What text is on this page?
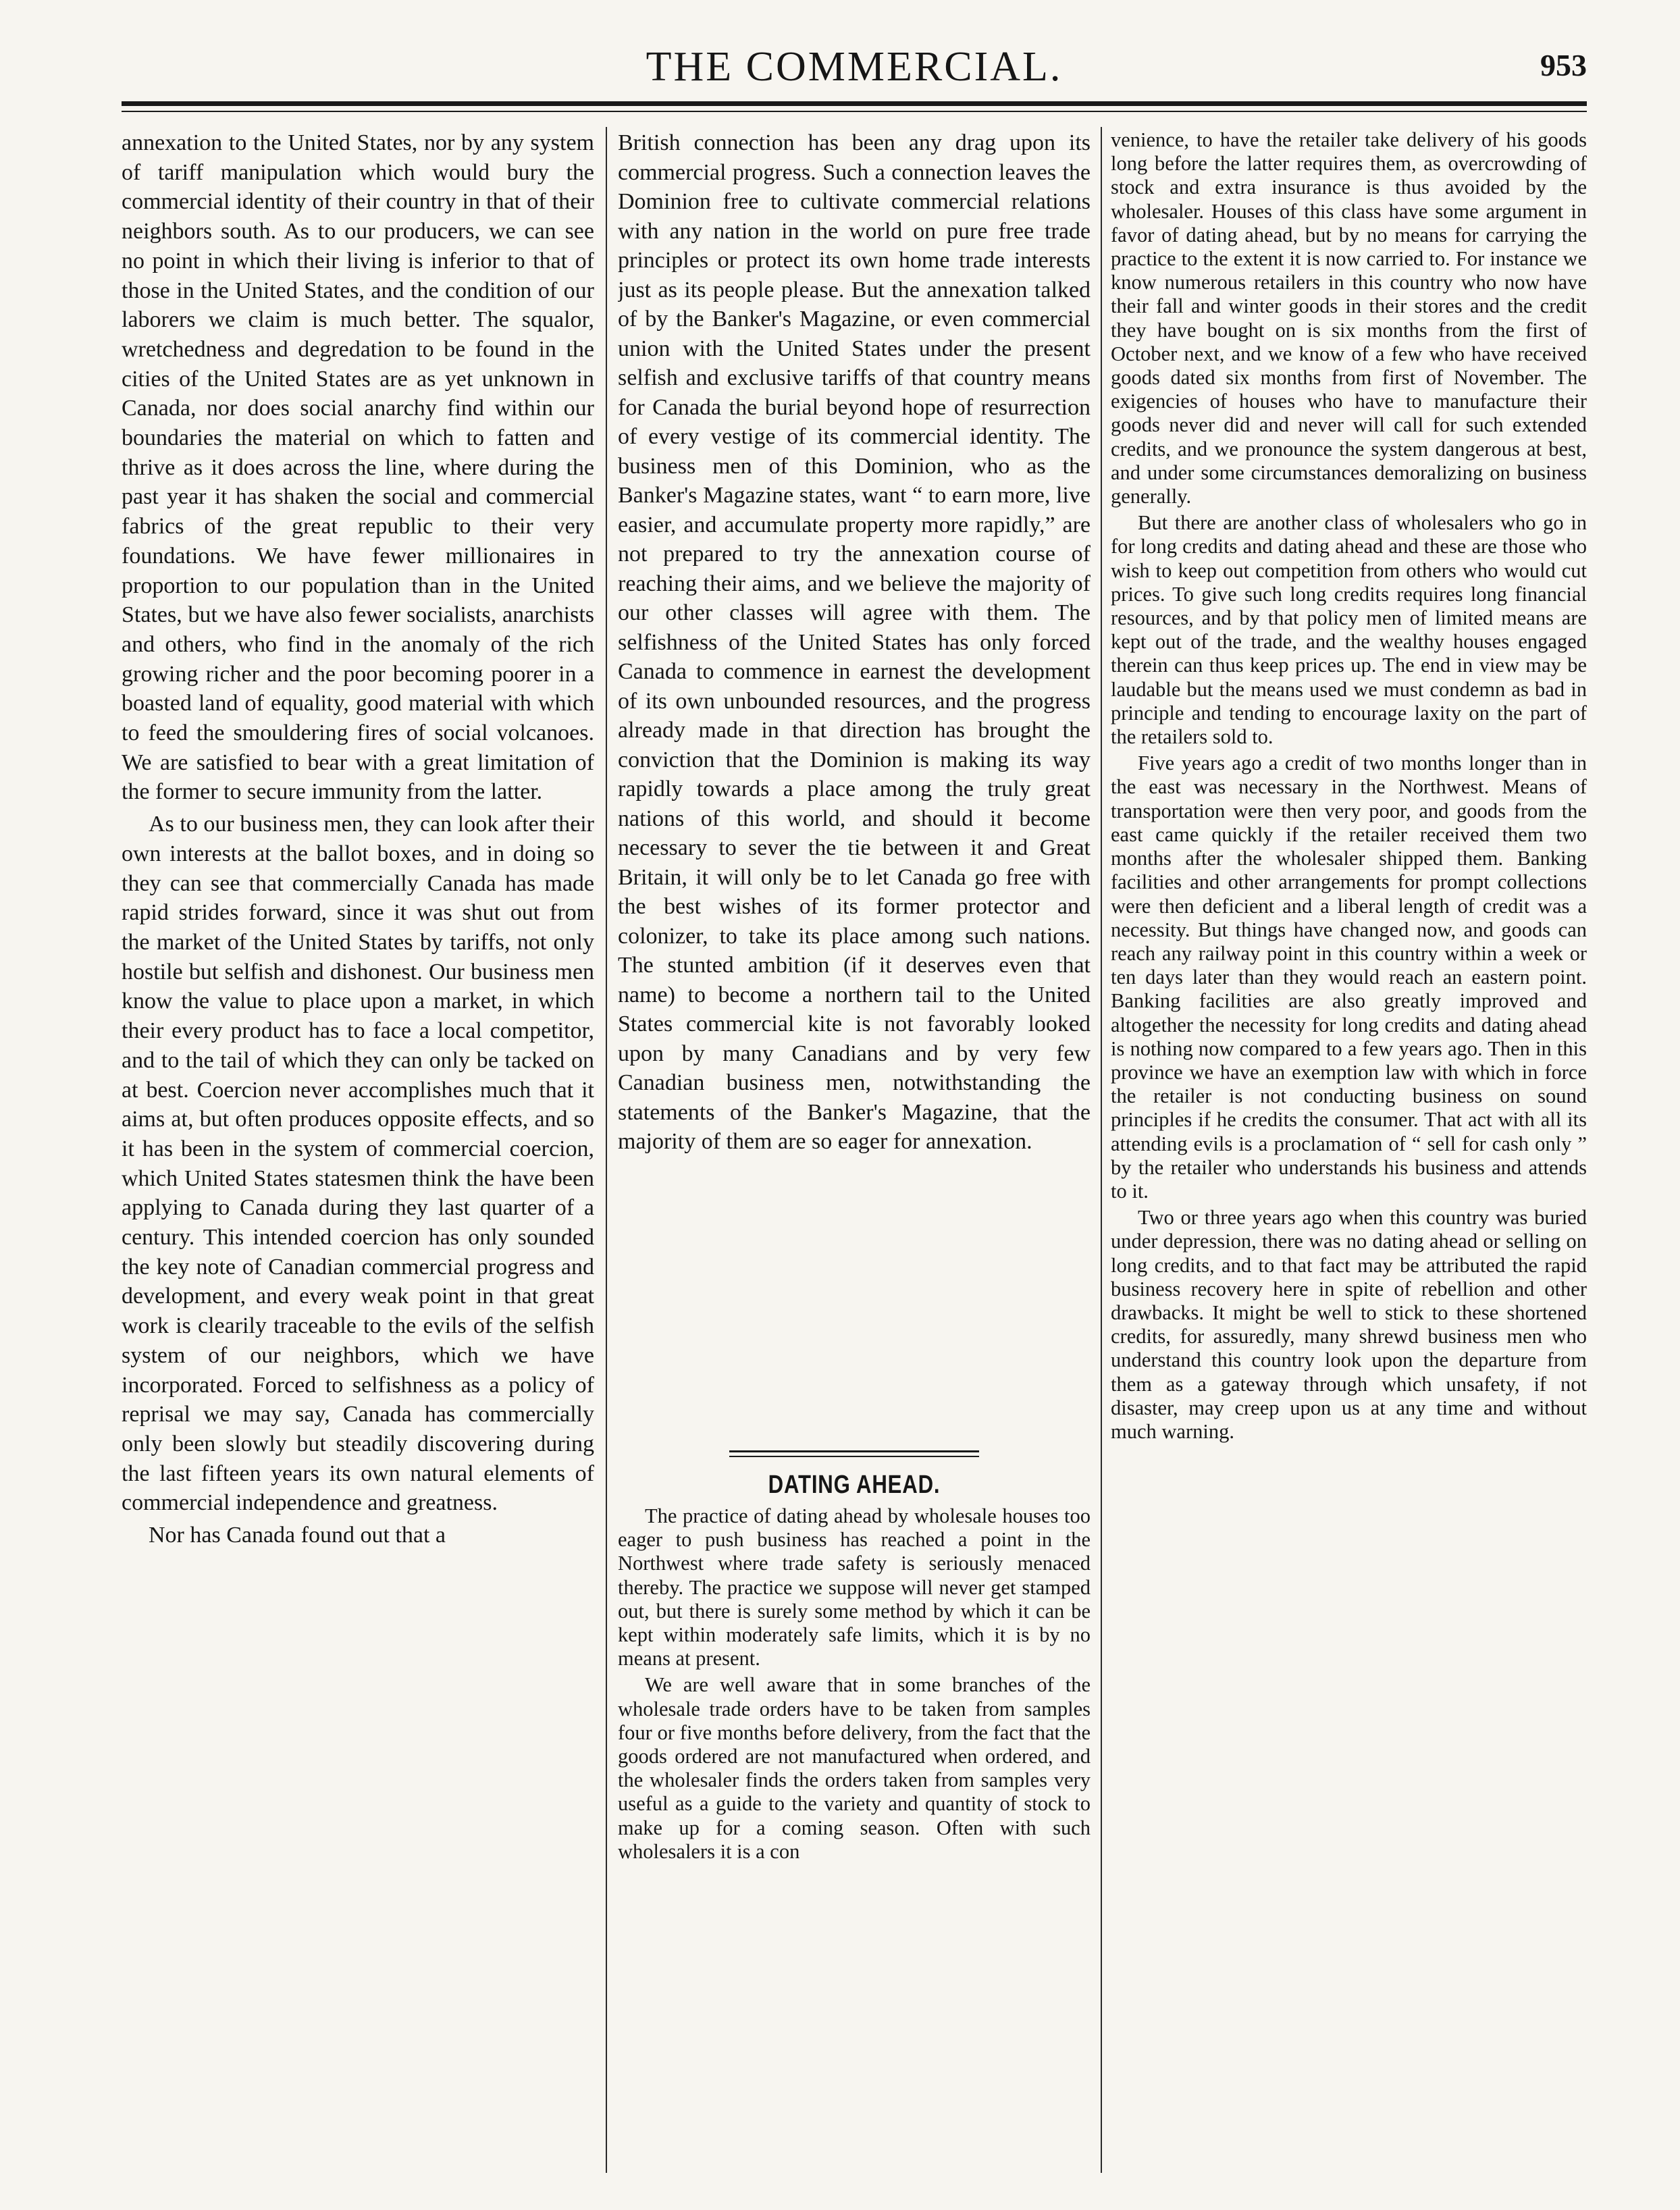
THE COMMERCIAL.	953

annexation to the United States, nor by any system of tariff manipulation which would bury the commercial identity of their country in that of their neighbors south. As to our producers, we can see no point in which their living is inferior to that of those in the United States, and the condition of our laborers we claim is much better. The squalor, wretchedness and degredation to be found in the cities of the United States are as yet unknown in Canada, nor does social anarchy find within our boundaries the material on which to fatten and thrive as it does across the line, where during the past year it has shaken the social and commercial fabrics of the great republic to their very foundations. We have fewer millionaires in proportion to our population than in the United States, but we have also fewer socialists, anarchists and others, who find in the anomaly of the rich growing richer and the poor becoming poorer in a boasted land of equality, good material with which to feed the smouldering fires of social volcanoes. We are satisfied to bear with a great limitation of the former to secure immunity from the latter.

As to our business men, they can look after their own interests at the ballot boxes, and in doing so they can see that commercially Canada has made rapid strides forward, since it was shut out from the market of the United States by tariffs, not only hostile but selfish and dishonest. Our business men know the value to place upon a market, in which their every product has to face a local competitor, and to the tail of which they can only be tacked on at best. Coercion never accomplishes much that it aims at, but often produces opposite effects, and so it has been in the system of commercial coercion, which United States statesmen think the have been applying to Canada during they last quarter of a century. This intended coercion has only sounded the key note of Canadian commercial progress and development, and every weak point in that great work is clearily traceable to the evils of the selfish system of our neighbors, which we have incorporated. Forced to selfishness as a policy of reprisal we may say, Canada has commercially only been slowly but steadily discovering during the last fifteen years its own natural elements of commercial independence and greatness.

Nor has Canada found out that a

British connection has been any drag upon its commercial progress. Such a connection leaves the Dominion free to cultivate commercial relations with any nation in the world on pure free trade principles or protect its own home trade interests just as its people please. But the annexation talked of by the Banker's Magazine, or even commercial union with the United States under the present selfish and exclusive tariffs of that country means for Canada the burial beyond hope of resurrection of every vestige of its commercial identity. The business men of this Dominion, who as the Banker's Magazine states, want “ to earn more, live easier, and accumulate property more rapidly,” are not prepared to try the annexation course of reaching their aims, and we believe the majority of our other classes will agree with them. The selfishness of the United States has only forced Canada to commence in earnest the development of its own unbounded resources, and the progress already made in that direction has brought the conviction that the Dominion is making its way rapidly towards a place among the truly great nations of this world, and should it become necessary to sever the tie between it and Great Britain, it will only be to let Canada go free with the best wishes of its former protector and colonizer, to take its place among such nations. The stunted ambition (if it deserves even that name) to become a northern tail to the United States commercial kite is not favorably looked upon by many Canadians and by very few Canadian business men, notwithstanding the statements of the Banker's Magazine, that the majority of them are so eager for annexation.

DATING AHEAD.

The practice of dating ahead by wholesale houses too eager to push business has reached a point in the Northwest where trade safety is seriously menaced thereby. The practice we suppose will never get stamped out, but there is surely some method by which it can be kept within moderately safe limits, which it is by no means at present.

We are well aware that in some branches of the wholesale trade orders have to be taken from samples four or five months before delivery, from the fact that the goods ordered are not manufactured when ordered, and the wholesaler finds the orders taken from samples very useful as a guide to the variety and quantity of stock to make up for a coming season. Often with such wholesalers it is a con

venience, to have the retailer take delivery of his goods long before the latter requires them, as overcrowding of stock and extra insurance is thus avoided by the wholesaler. Houses of this class have some argument in favor of dating ahead, but by no means for carrying the practice to the extent it is now carried to. For instance we know numerous retailers in this country who now have their fall and winter goods in their stores and the credit they have bought on is six months from the first of October next, and we know of a few who have received goods dated six months from first of November. The exigencies of houses who have to manufacture their goods never did and never will call for such extended credits, and we pronounce the system dangerous at best, and under some circumstances demoralizing on business generally.

But there are another class of wholesalers who go in for long credits and dating ahead and these are those who wish to keep out competition from others who would cut prices. To give such long credits requires long financial resources, and by that policy men of limited means are kept out of the trade, and the wealthy houses engaged therein can thus keep prices up. The end in view may be laudable but the means used we must condemn as bad in principle and tending to encourage laxity on the part of the retailers sold to.

Five years ago a credit of two months longer than in the east was necessary in the Northwest. Means of transportation were then very poor, and goods from the east came quickly if the retailer received them two months after the wholesaler shipped them. Banking facilities and other arrangements for prompt collections were then deficient and a liberal length of credit was a necessity. But things have changed now, and goods can reach any railway point in this country within a week or ten days later than they would reach an eastern point. Banking facilities are also greatly improved and altogether the necessity for long credits and dating ahead is nothing now compared to a few years ago. Then in this province we have an exemption law with which in force the retailer is not conducting business on sound principles if he credits the consumer. That act with all its attending evils is a proclamation of “ sell for cash only ” by the retailer who understands his business and attends to it.

Two or three years ago when this country was buried under depression, there was no dating ahead or selling on long credits, and to that fact may be attributed the rapid business recovery here in spite of rebellion and other drawbacks. It might be well to stick to these shortened credits, for assuredly, many shrewd business men who understand this country look upon the departure from them as a gateway through which unsafety, if not disaster, may creep upon us at any time and without much warning.
